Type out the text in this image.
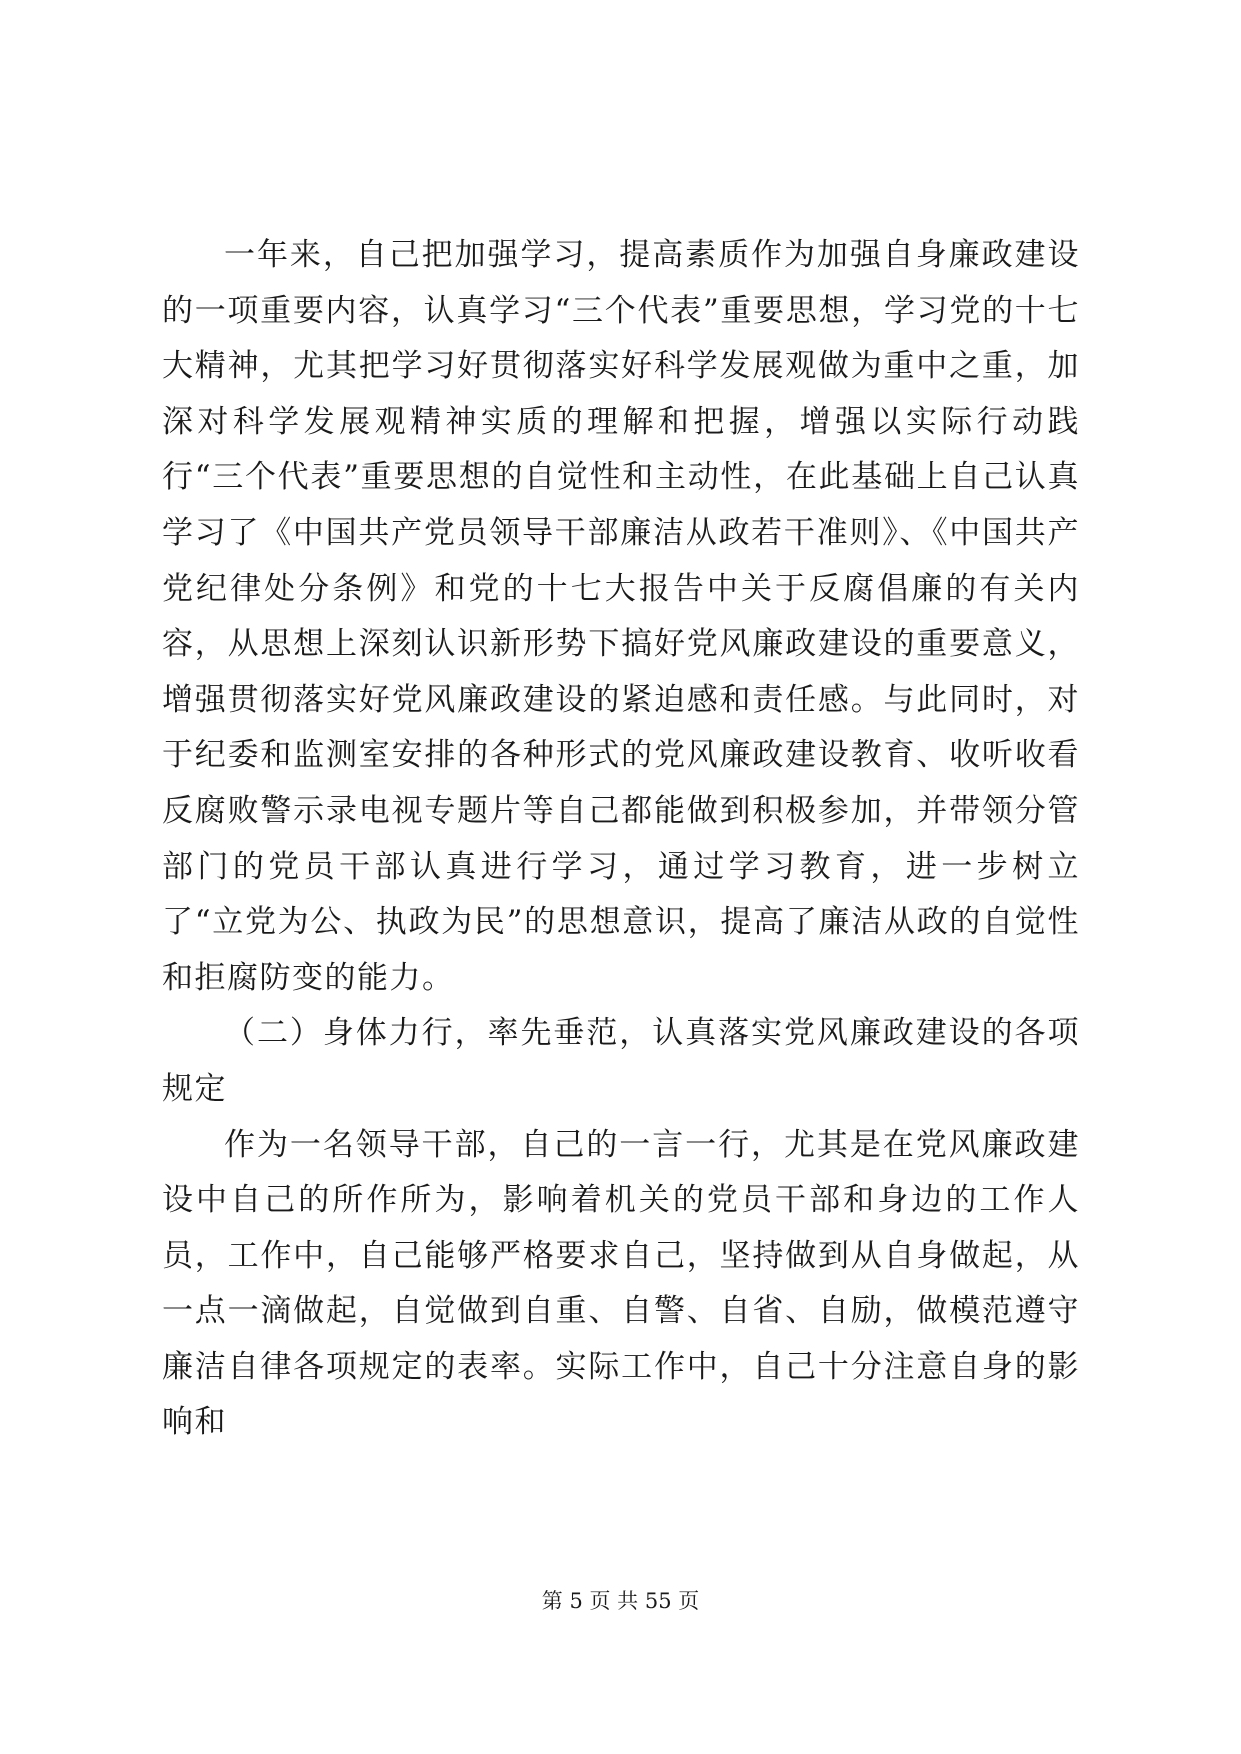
一年来，自己把加强学习，提高素质作为加强自身廉政建设的一项重要内容，认真学习“三个代表”重要思想，学习党的十七大精神，尤其把学习好贯彻落实好科学发展观做为重中之重，加深对科学发展观精神实质的理解和把握，增强以实际行动践行“三个代表”重要思想的自觉性和主动性，在此基础上自己认真学习了《中国共产党员领导干部廉洁从政若干准则》、《中国共产党纪律处分条例》和党的十七大报告中关于反腐倡廉的有关内容，从思想上深刻认识新形势下搞好党风廉政建设的重要意义，增强贯彻落实好党风廉政建设的紧迫感和责任感。与此同时，对于纪委和监测室安排的各种形式的党风廉政建设教育、收听收看反腐败警示录电视专题片等自己都能做到积极参加，并带领分管部门的党员干部认真进行学习，通过学习教育，进一步树立了“立党为公、执政为民”的思想意识，提高了廉洁从政的自觉性和拒腐防变的能力。

（二）身体力行，率先垂范，认真落实党风廉政建设的各项规定

作为一名领导干部，自己的一言一行，尤其是在党风廉政建设中自己的所作所为，影响着机关的党员干部和身边的工作人员，工作中，自己能够严格要求自己，坚持做到从自身做起，从一点一滴做起，自觉做到自重、自警、自省、自励，做模范遵守廉洁自律各项规定的表率。实际工作中，自己十分注意自身的影响和

第 5 页 共 55 页
